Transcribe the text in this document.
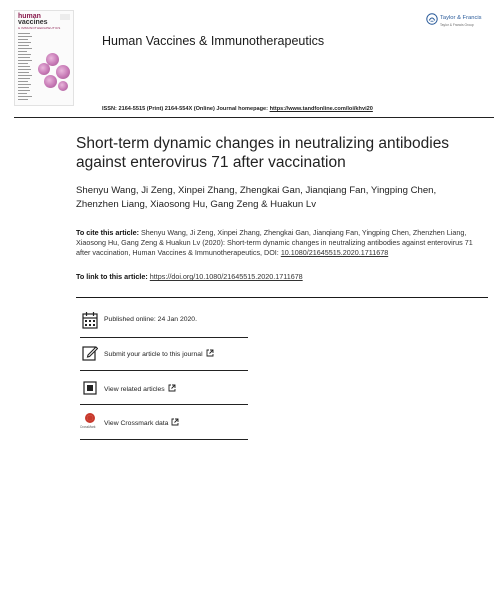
human
vaccines
& IMMUNOTHERAPEUTICS
Human Vaccines & Immunotherapeutics
Taylor & Francis
Taylor & Francis Group
ISSN: 2164-5515 (Print) 2164-554X (Online) Journal homepage: https://www.tandfonline.com/loi/khvi20
Short-term dynamic changes in neutralizing antibodies against enterovirus 71 after vaccination
Shenyu Wang, Ji Zeng, Xinpei Zhang, Zhengkai Gan, Jianqiang Fan, Yingping Chen, Zhenzhen Liang, Xiaosong Hu, Gang Zeng & Huakun Lv
To cite this article: Shenyu Wang, Ji Zeng, Xinpei Zhang, Zhengkai Gan, Jianqiang Fan, Yingping Chen, Zhenzhen Liang, Xiaosong Hu, Gang Zeng & Huakun Lv (2020): Short-term dynamic changes in neutralizing antibodies against enterovirus 71 after vaccination, Human Vaccines & Immunotherapeutics, DOI: 10.1080/21645515.2020.1711678
To link to this article: https://doi.org/10.1080/21645515.2020.1711678
Published online: 24 Jan 2020.
Submit your article to this journal
View related articles
CrossMark View Crossmark data
